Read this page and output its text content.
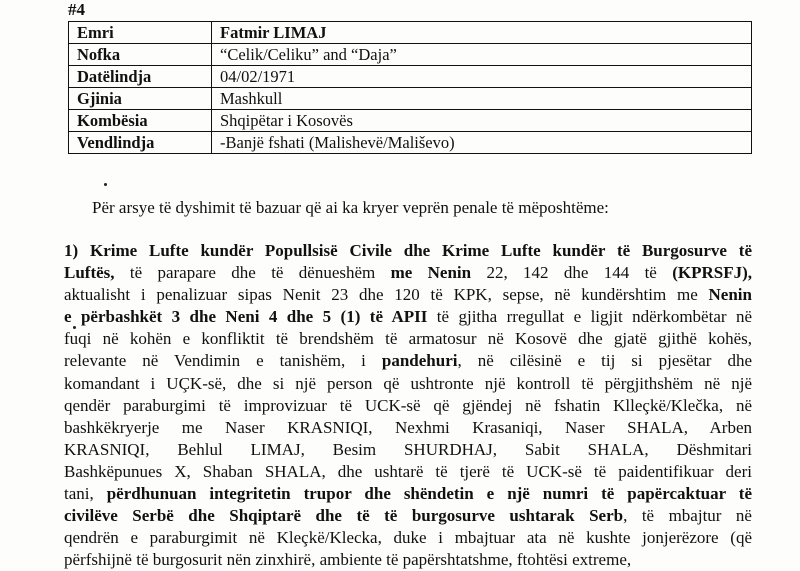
#4
Emri	Fatmir LIMAJ
Nofka	“Celik/Celiku” and “Daja”
Datëlindja	04/02/1971
Gjinia	Mashkull
Kombësia	Shqipëtar i Kosovës
Vendlindja	-Banjë fshati (Malishevë/Mališevo)
Për arsye të dyshimit të bazuar që ai ka kryer veprën penale të mëposhtëme:
1) Krime Lufte kundër Popullsisë Civile dhe Krime Lufte kundër të Burgosurve të
Luftës, të parapare dhe të dënueshëm me Nenin 22, 142 dhe 144 të (KPRSFJ),
aktualisht i penalizuar sipas Nenit 23 dhe 120 të KPK, sepse, në kundërshtim me Nenin
e përbashkët 3 dhe Neni 4 dhe 5 (1) të APII të gjitha rregullat e ligjit ndërkombëtar në
fuqi në kohën e konfliktit të brendshëm të armatosur në Kosovë dhe gjatë gjithë kohës,
relevante në Vendimin e tanishëm, i pandehuri, në cilësinë e tij si pjesëtar dhe
komandant i UÇK-së, dhe si një person që ushtronte një kontroll të përgjithshëm në një
qendër paraburgimi të improvizuar të UCK-së që gjëndej në fshatin Klleçkë/Klečka, në
bashkëkryerje me Naser KRASNIQI, Nexhmi Krasaniqi, Naser SHALA, Arben
KRASNIQI, Behlul LIMAJ, Besim SHURDHAJ, Sabit SHALA, Dëshmitari
Bashkëpunues X, Shaban SHALA, dhe ushtarë të tjerë të UCK-së të paidentifikuar deri
tani, përdhunuan integritetin trupor dhe shëndetin e një numri të papërcaktuar të
civilëve Serbë dhe Shqiptarë dhe të të burgosurve ushtarak Serb, të mbajtur në
qendrën e paraburgimit në Kleçkë/Klecka, duke i mbajtuar ata në kushte jonjerëzore (që
përfshijnë të burgosurit nën zinxhirë, ambiente të papërshtatshme, ftohtësi extreme,
